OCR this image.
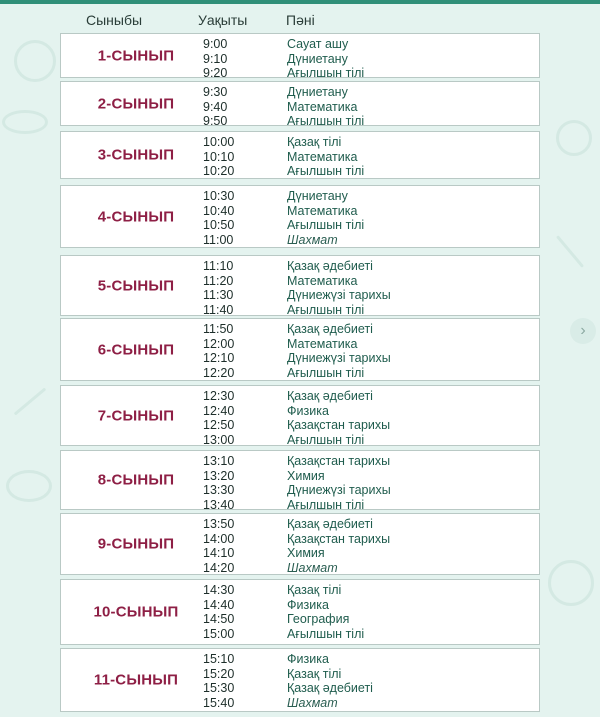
›
Сыныбы	Уақыты	Пәні
1-СЫНЫП
9:00	Сауат ашу
9:10	Дүниетану
9:20	Ағылшын тілі
2-СЫНЫП
9:30	Дүниетану
9:40	Математика
9:50	Ағылшын тілі
3-СЫНЫП
10:00	Қазақ тілі
10:10	Математика
10:20	Ағылшын тілі
4-СЫНЫП
10:30	Дүниетану
10:40	Математика
10:50	Ағылшын тілі
11:00	Шахмат
5-СЫНЫП
11:10	Қазақ әдебиеті
11:20	Математика
11:30	Дүниежүзі тарихы
11:40	Ағылшын тілі
6-СЫНЫП
11:50	Қазақ әдебиеті
12:00	Математика
12:10	Дүниежүзі тарихы
12:20	Ағылшын тілі
7-СЫНЫП
12:30	Қазақ әдебиеті
12:40	Физика
12:50	Қазақстан тарихы
13:00	Ағылшын тілі
8-СЫНЫП
13:10	Қазақстан тарихы
13:20	Химия
13:30	Дүниежүзі тарихы
13:40	Ағылшын тілі
9-СЫНЫП
13:50	Қазақ әдебиеті
14:00	Қазақстан тарихы
14:10	Химия
14:20	Шахмат
10-СЫНЫП
14:30	Қазақ тілі
14:40	Физика
14:50	География
15:00	Ағылшын тілі
11-СЫНЫП
15:10	Физика
15:20	Қазақ тілі
15:30	Қазақ әдебиеті
15:40	Шахмат
